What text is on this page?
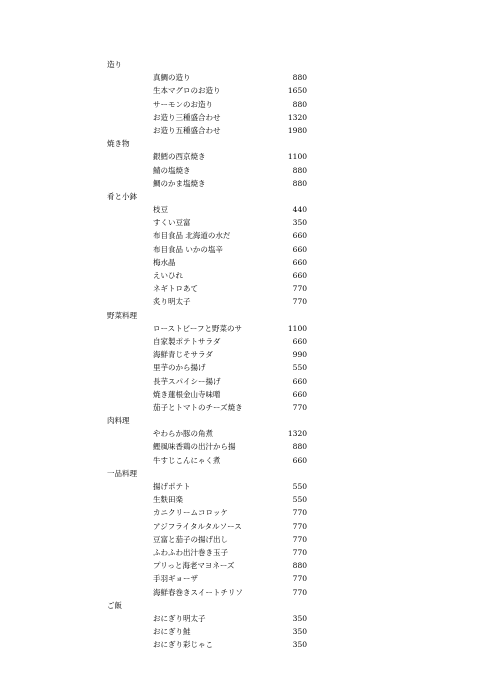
造り
真鯛の造り	880
生本マグロのお造り	1650
サーモンのお造り	880
お造り三種盛合わせ	1320
お造り五種盛合わせ	1980
焼き物
銀鱈の西京焼き	1100
鯖の塩焼き	880
鯛のかま塩焼き	880
肴と小鉢
枝豆	440
すくい豆富	350
布目食品 北海道の水だ	660
布目食品 いかの塩辛	660
梅水晶	660
えいひれ	660
ネギトロあて	770
炙り明太子	770
野菜料理
ローストビーフと野菜のサ	1100
自家製ポテトサラダ	660
海鮮青じそサラダ	990
里芋のから揚げ	550
長芋スパイシー揚げ	660
焼き蓮根金山寺味噌	660
茄子とトマトのチーズ焼き	770
肉料理
やわらか豚の角煮	1320
鰹風味香鶏の出汁から揚	880
牛すじこんにゃく煮	660
一品料理
揚げポテト	550
生麩田楽	550
カニクリームコロッケ	770
アジフライタルタルソース	770
豆富と茄子の揚げ出し	770
ふわふわ出汁巻き玉子	770
プリっと海老マヨネーズ	880
手羽ギョーザ	770
海鮮春巻きスイートチリソ	770
ご飯
おにぎり明太子	350
おにぎり鮭	350
おにぎり彩じゃこ	350
